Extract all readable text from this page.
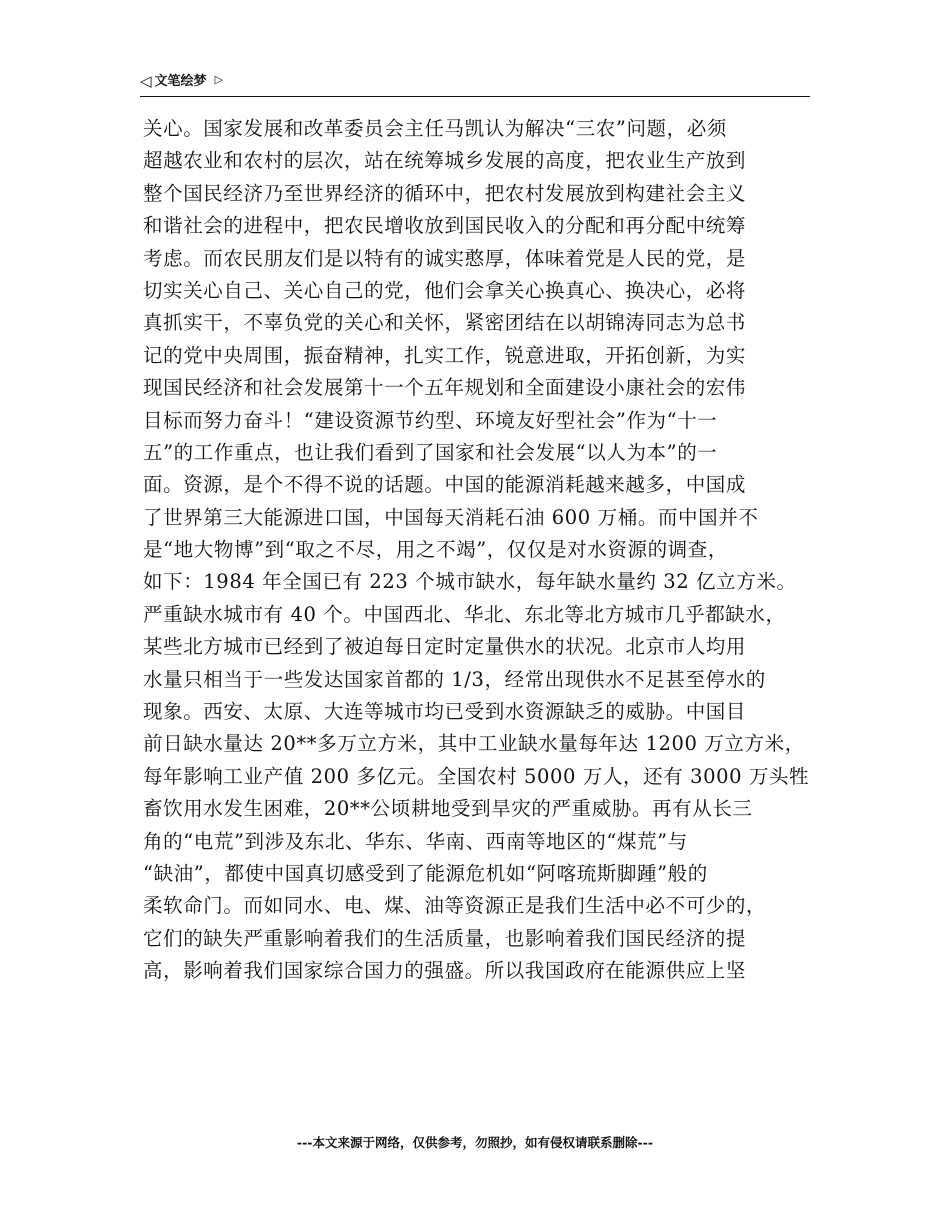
◁ 文笔绘梦 ▷
关心。国家发展和改革委员会主任马凯认为解决“三农”问题，必须
超越农业和农村的层次，站在统筹城乡发展的高度，把农业生产放到
整个国民经济乃至世界经济的循环中，把农村发展放到构建社会主义
和谐社会的进程中，把农民增收放到国民收入的分配和再分配中统筹
考虑。而农民朋友们是以特有的诚实憨厚，体味着党是人民的党，是
切实关心自己、关心自己的党，他们会拿关心换真心、换决心，必将
真抓实干，不辜负党的关心和关怀，紧密团结在以胡锦涛同志为总书
记的党中央周围，振奋精神，扎实工作，锐意进取，开拓创新，为实
现国民经济和社会发展第十一个五年规划和全面建设小康社会的宏伟
目标而努力奋斗！“建设资源节约型、环境友好型社会”作为“十一
五”的工作重点，也让我们看到了国家和社会发展“以人为本”的一
面。资源，是个不得不说的话题。中国的能源消耗越来越多，中国成
了世界第三大能源进口国，中国每天消耗石油 600 万桶。而中国并不
是“地大物博”到“取之不尽，用之不竭”，仅仅是对水资源的调查，
如下：1984 年全国已有 223 个城市缺水，每年缺水量约 32 亿立方米。
严重缺水城市有 40 个。中国西北、华北、东北等北方城市几乎都缺水，
某些北方城市已经到了被迫每日定时定量供水的状况。北京市人均用
水量只相当于一些发达国家首都的 1/3，经常出现供水不足甚至停水的
现象。西安、太原、大连等城市均已受到水资源缺乏的威胁。中国目
前日缺水量达 20**多万立方米，其中工业缺水量每年达 1200 万立方米，
每年影响工业产值 200 多亿元。全国农村 5000 万人，还有 3000 万头牲
畜饮用水发生困难，20**公顷耕地受到旱灾的严重威胁。再有从长三
角的“电荒”到涉及东北、华东、华南、西南等地区的“煤荒”与
“缺油”，都使中国真切感受到了能源危机如“阿喀琉斯脚踵”般的
柔软命门。而如同水、电、煤、油等资源正是我们生活中必不可少的，
它们的缺失严重影响着我们的生活质量，也影响着我们国民经济的提
高，影响着我们国家综合国力的强盛。所以我国政府在能源供应上坚
---本文来源于网络，仅供参考，勿照抄，如有侵权请联系删除---
